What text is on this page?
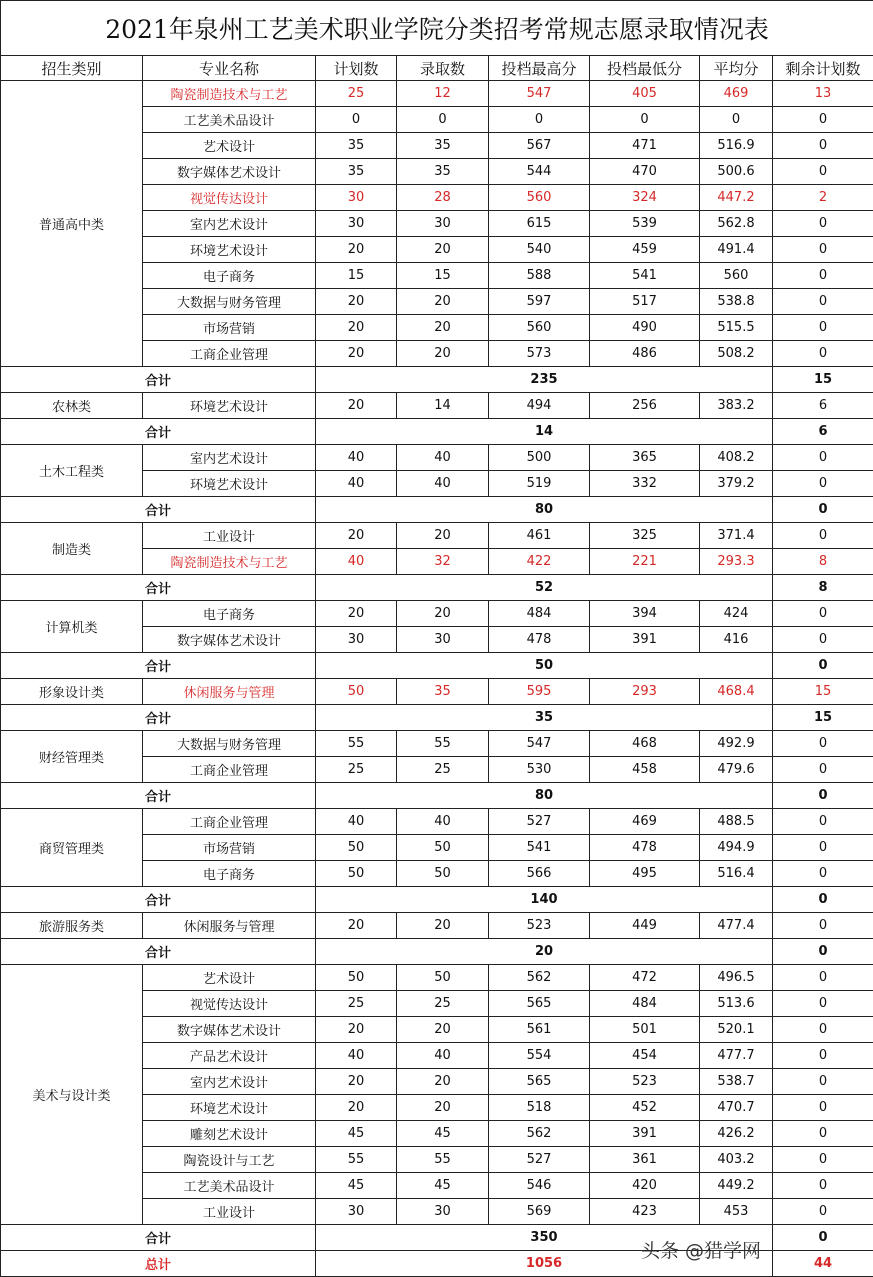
2021年泉州工艺美术职业学院分类招考常规志愿录取情况表							
招生类别	专业名称	计划数	录取数	投档最高分	投档最低分	平均分	剩余计划数
普通高中类	陶瓷制造技术与工艺	25	12	547	405	469	13
	工艺美术品设计	0	0	0	0	0	0
	艺术设计	35	35	567	471	516.9	0
	数字媒体艺术设计	35	35	544	470	500.6	0
	视觉传达设计	30	28	560	324	447.2	2
	室内艺术设计	30	30	615	539	562.8	0
	环境艺术设计	20	20	540	459	491.4	0
	电子商务	15	15	588	541	560	0
	大数据与财务管理	20	20	597	517	538.8	0
	市场营销	20	20	560	490	515.5	0
	工商企业管理	20	20	573	486	508.2	0
合计		235					15
农林类	环境艺术设计	20	14	494	256	383.2	6
合计		14					6
土木工程类	室内艺术设计	40	40	500	365	408.2	0
	环境艺术设计	40	40	519	332	379.2	0
合计		80					0
制造类	工业设计	20	20	461	325	371.4	0
	陶瓷制造技术与工艺	40	32	422	221	293.3	8
合计		52					8
计算机类	电子商务	20	20	484	394	424	0
	数字媒体艺术设计	30	30	478	391	416	0
合计		50					0
形象设计类	休闲服务与管理	50	35	595	293	468.4	15
合计		35					15
财经管理类	大数据与财务管理	55	55	547	468	492.9	0
	工商企业管理	25	25	530	458	479.6	0
合计		80					0
商贸管理类	工商企业管理	40	40	527	469	488.5	0
	市场营销	50	50	541	478	494.9	0
	电子商务	50	50	566	495	516.4	0
合计		140					0
旅游服务类	休闲服务与管理	20	20	523	449	477.4	0
合计		20					0
美术与设计类	艺术设计	50	50	562	472	496.5	0
	视觉传达设计	25	25	565	484	513.6	0
	数字媒体艺术设计	20	20	561	501	520.1	0
	产品艺术设计	40	40	554	454	477.7	0
	室内艺术设计	20	20	565	523	538.7	0
	环境艺术设计	20	20	518	452	470.7	0
	雕刻艺术设计	45	45	562	391	426.2	0
	陶瓷设计与工艺	55	55	527	361	403.2	0
	工艺美术品设计	45	45	546	420	449.2	0
	工业设计	30	30	569	423	453	0
合计		350					0
总计		1056					44
头条 @猎学网
